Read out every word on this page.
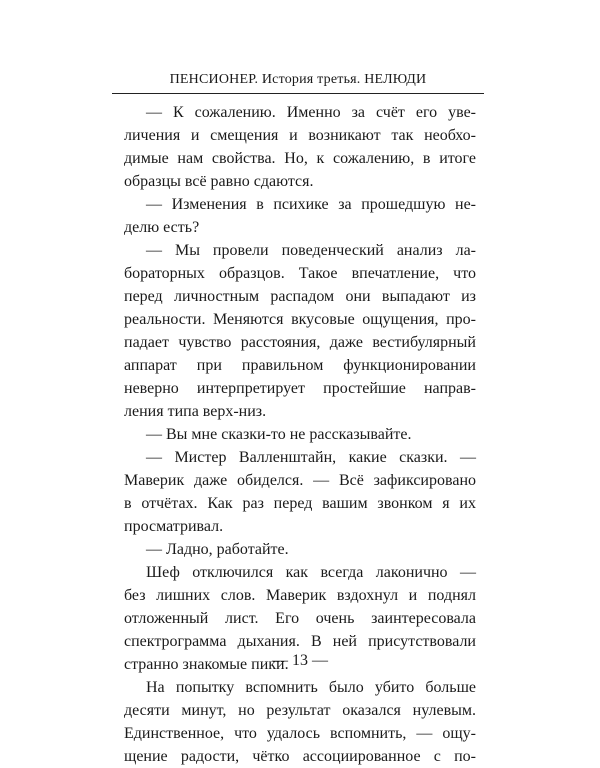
ПЕНСИОНЕР. История третья. НЕЛЮДИ
— К сожалению. Именно за счёт его уве-
личения и смещения и возникают так необхо-
димые нам свойства. Но, к сожалению, в итоге
образцы всё равно сдаются.
— Изменения в психике за прошедшую не-
делю есть?
— Мы провели поведенческий анализ ла-
бораторных образцов. Такое впечатление, что
перед личностным распадом они выпадают из
реальности. Меняются вкусовые ощущения, про-
падает чувство расстояния, даже вестибулярный
аппарат при правильном функционировании
неверно интерпретирует простейшие направ-
ления типа верх-низ.
— Вы мне сказки-то не рассказывайте.
— Мистер Валленштайн, какие сказки. —
Маверик даже обиделся. — Всё зафиксировано
в отчётах. Как раз перед вашим звонком я их
просматривал.
— Ладно, работайте.
Шеф отключился как всегда лаконично —
без лишних слов. Маверик вздохнул и поднял
отложенный лист. Его очень заинтересовала
спектрограмма дыхания. В ней присутствовали
странно знакомые пики.
На попытку вспомнить было убито больше
десяти минут, но результат оказался нулевым.
Единственное, что удалось вспомнить, — ощу-
щение радости, чётко ассоциированное с по-
— 13 —
